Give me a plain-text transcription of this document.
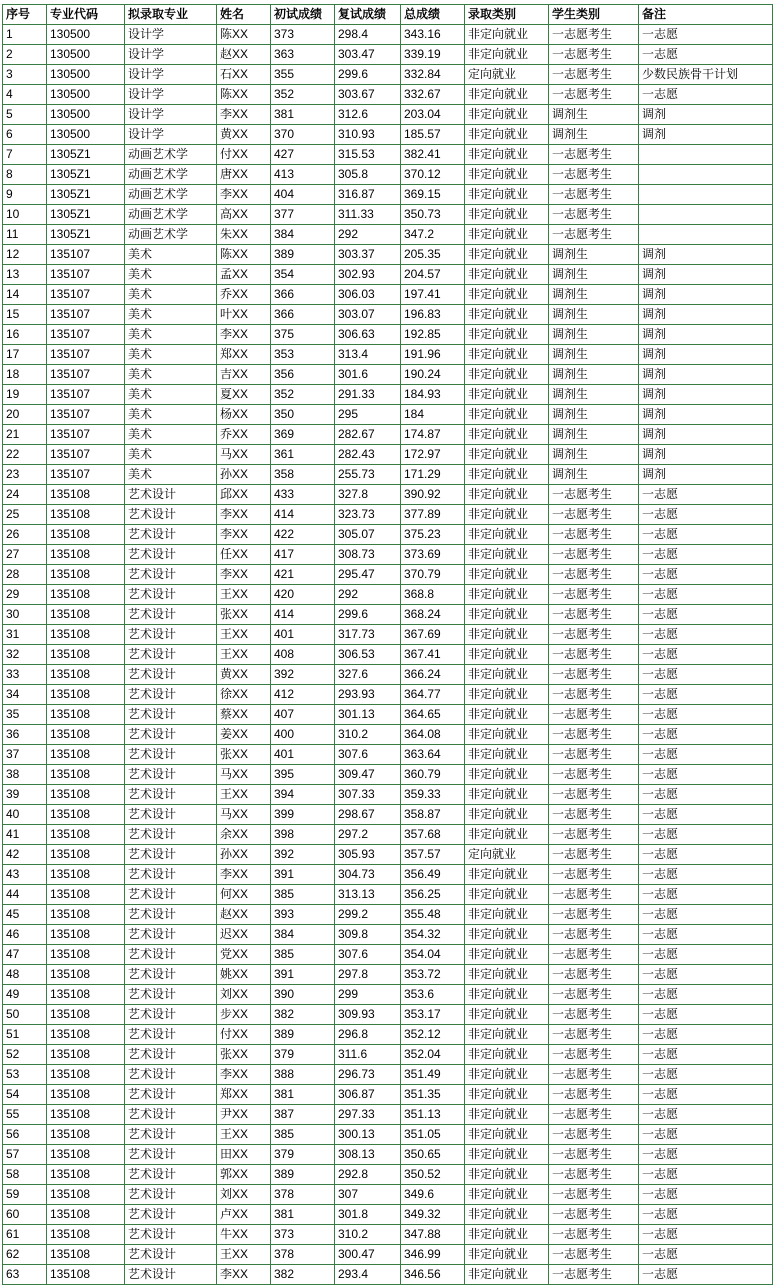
序号	专业代码	拟录取专业	姓名	初试成绩	复试成绩	总成绩	录取类别	学生类别	备注
1	130500	设计学	陈XX	373	298.4	343.16	非定向就业	一志愿考生	一志愿
2	130500	设计学	赵XX	363	303.47	339.19	非定向就业	一志愿考生	一志愿
3	130500	设计学	石XX	355	299.6	332.84	定向就业	一志愿考生	少数民族骨干计划
4	130500	设计学	陈XX	352	303.67	332.67	非定向就业	一志愿考生	一志愿
5	130500	设计学	李XX	381	312.6	203.04	非定向就业	调剂生	调剂
6	130500	设计学	黄XX	370	310.93	185.57	非定向就业	调剂生	调剂
7	1305Z1	动画艺术学	付XX	427	315.53	382.41	非定向就业	一志愿考生	
8	1305Z1	动画艺术学	唐XX	413	305.8	370.12	非定向就业	一志愿考生	
9	1305Z1	动画艺术学	李XX	404	316.87	369.15	非定向就业	一志愿考生	
10	1305Z1	动画艺术学	高XX	377	311.33	350.73	非定向就业	一志愿考生	
11	1305Z1	动画艺术学	朱XX	384	292	347.2	非定向就业	一志愿考生	
12	135107	美术	陈XX	389	303.37	205.35	非定向就业	调剂生	调剂
13	135107	美术	孟XX	354	302.93	204.57	非定向就业	调剂生	调剂
14	135107	美术	乔XX	366	306.03	197.41	非定向就业	调剂生	调剂
15	135107	美术	叶XX	366	303.07	196.83	非定向就业	调剂生	调剂
16	135107	美术	李XX	375	306.63	192.85	非定向就业	调剂生	调剂
17	135107	美术	郑XX	353	313.4	191.96	非定向就业	调剂生	调剂
18	135107	美术	吉XX	356	301.6	190.24	非定向就业	调剂生	调剂
19	135107	美术	夏XX	352	291.33	184.93	非定向就业	调剂生	调剂
20	135107	美术	杨XX	350	295	184	非定向就业	调剂生	调剂
21	135107	美术	乔XX	369	282.67	174.87	非定向就业	调剂生	调剂
22	135107	美术	马XX	361	282.43	172.97	非定向就业	调剂生	调剂
23	135107	美术	孙XX	358	255.73	171.29	非定向就业	调剂生	调剂
24	135108	艺术设计	邱XX	433	327.8	390.92	非定向就业	一志愿考生	一志愿
25	135108	艺术设计	李XX	414	323.73	377.89	非定向就业	一志愿考生	一志愿
26	135108	艺术设计	李XX	422	305.07	375.23	非定向就业	一志愿考生	一志愿
27	135108	艺术设计	任XX	417	308.73	373.69	非定向就业	一志愿考生	一志愿
28	135108	艺术设计	李XX	421	295.47	370.79	非定向就业	一志愿考生	一志愿
29	135108	艺术设计	王XX	420	292	368.8	非定向就业	一志愿考生	一志愿
30	135108	艺术设计	张XX	414	299.6	368.24	非定向就业	一志愿考生	一志愿
31	135108	艺术设计	王XX	401	317.73	367.69	非定向就业	一志愿考生	一志愿
32	135108	艺术设计	王XX	408	306.53	367.41	非定向就业	一志愿考生	一志愿
33	135108	艺术设计	黄XX	392	327.6	366.24	非定向就业	一志愿考生	一志愿
34	135108	艺术设计	徐XX	412	293.93	364.77	非定向就业	一志愿考生	一志愿
35	135108	艺术设计	蔡XX	407	301.13	364.65	非定向就业	一志愿考生	一志愿
36	135108	艺术设计	姜XX	400	310.2	364.08	非定向就业	一志愿考生	一志愿
37	135108	艺术设计	张XX	401	307.6	363.64	非定向就业	一志愿考生	一志愿
38	135108	艺术设计	马XX	395	309.47	360.79	非定向就业	一志愿考生	一志愿
39	135108	艺术设计	王XX	394	307.33	359.33	非定向就业	一志愿考生	一志愿
40	135108	艺术设计	马XX	399	298.67	358.87	非定向就业	一志愿考生	一志愿
41	135108	艺术设计	余XX	398	297.2	357.68	非定向就业	一志愿考生	一志愿
42	135108	艺术设计	孙XX	392	305.93	357.57	定向就业	一志愿考生	一志愿
43	135108	艺术设计	李XX	391	304.73	356.49	非定向就业	一志愿考生	一志愿
44	135108	艺术设计	何XX	385	313.13	356.25	非定向就业	一志愿考生	一志愿
45	135108	艺术设计	赵XX	393	299.2	355.48	非定向就业	一志愿考生	一志愿
46	135108	艺术设计	迟XX	384	309.8	354.32	非定向就业	一志愿考生	一志愿
47	135108	艺术设计	党XX	385	307.6	354.04	非定向就业	一志愿考生	一志愿
48	135108	艺术设计	姚XX	391	297.8	353.72	非定向就业	一志愿考生	一志愿
49	135108	艺术设计	刘XX	390	299	353.6	非定向就业	一志愿考生	一志愿
50	135108	艺术设计	步XX	382	309.93	353.17	非定向就业	一志愿考生	一志愿
51	135108	艺术设计	付XX	389	296.8	352.12	非定向就业	一志愿考生	一志愿
52	135108	艺术设计	张XX	379	311.6	352.04	非定向就业	一志愿考生	一志愿
53	135108	艺术设计	李XX	388	296.73	351.49	非定向就业	一志愿考生	一志愿
54	135108	艺术设计	郑XX	381	306.87	351.35	非定向就业	一志愿考生	一志愿
55	135108	艺术设计	尹XX	387	297.33	351.13	非定向就业	一志愿考生	一志愿
56	135108	艺术设计	王XX	385	300.13	351.05	非定向就业	一志愿考生	一志愿
57	135108	艺术设计	田XX	379	308.13	350.65	非定向就业	一志愿考生	一志愿
58	135108	艺术设计	郭XX	389	292.8	350.52	非定向就业	一志愿考生	一志愿
59	135108	艺术设计	刘XX	378	307	349.6	非定向就业	一志愿考生	一志愿
60	135108	艺术设计	卢XX	381	301.8	349.32	非定向就业	一志愿考生	一志愿
61	135108	艺术设计	牛XX	373	310.2	347.88	非定向就业	一志愿考生	一志愿
62	135108	艺术设计	王XX	378	300.47	346.99	非定向就业	一志愿考生	一志愿
63	135108	艺术设计	李XX	382	293.4	346.56	非定向就业	一志愿考生	一志愿
